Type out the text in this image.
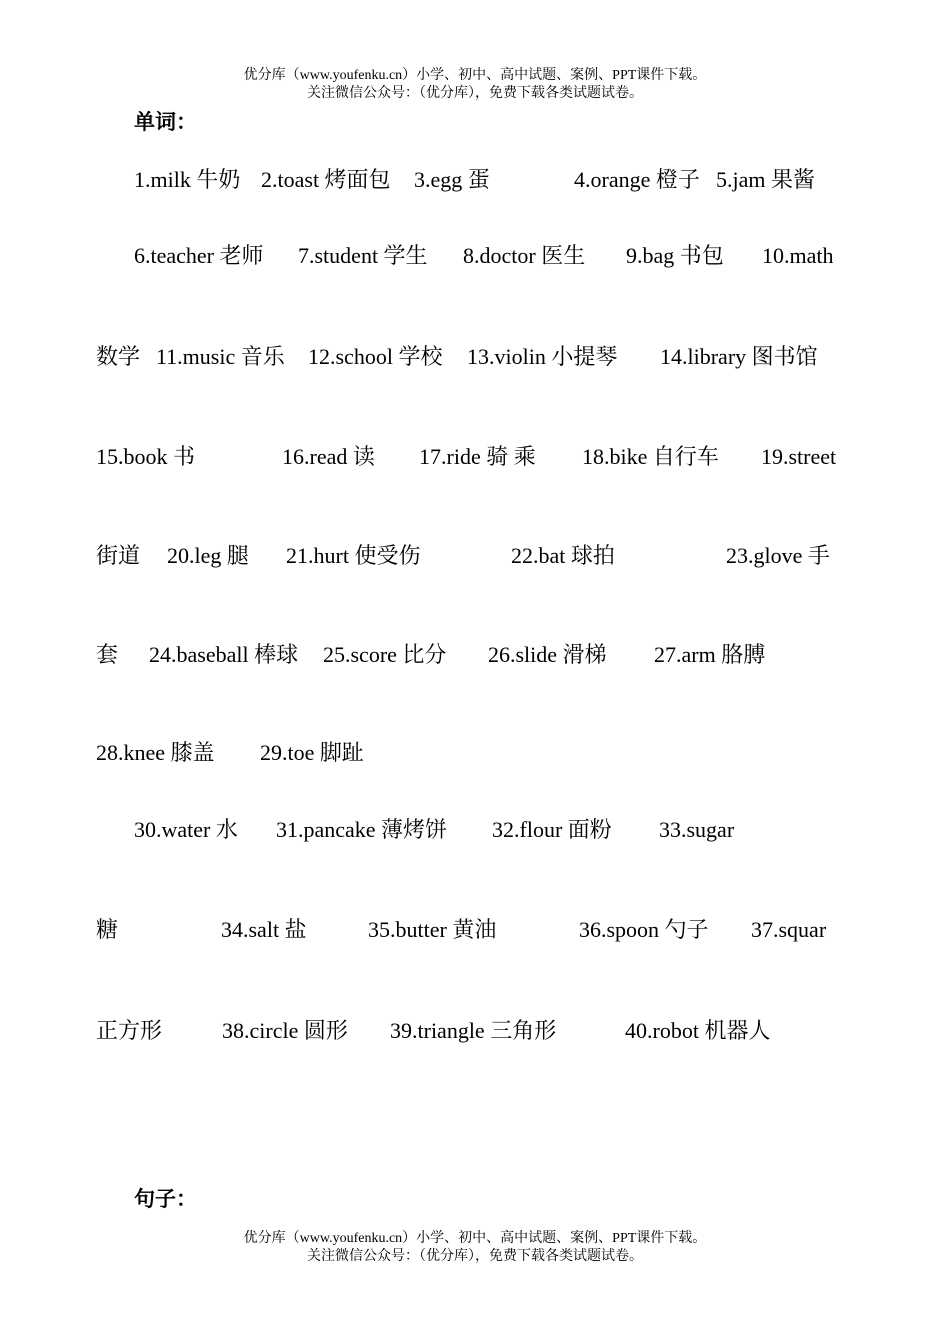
优分库（www.youfenku.cn）小学、初中、高中试题、案例、PPT课件下载。
关注微信公众号：（优分库），免费下载各类试题试卷。
单词：
1.milk 牛奶 2.toast 烤面包 3.egg 蛋	4.orange 橙子 5.jam 果酱
6.teacher 老师 7.student 学生 8.doctor 医生 9.bag 书包 10.math
数学 11.music 音乐 12.school 学校 13.violin 小提琴 14.library 图书馆
15.book 书	16.read 读 17.ride 骑 乘 18.bike 自行车 19.street
街道 20.leg 腿 21.hurt 使受伤	22.bat 球拍	23.glove 手
套 24.baseball 棒球 25.score 比分 26.slide 滑梯 27.arm 胳膊
28.knee 膝盖 29.toe 脚趾
30.water 水 31.pancake 薄烤饼 32.flour 面粉 33.sugar
糖	34.salt 盐	35.butter 黄油	36.spoon 勺子 37.squar
正方形	38.circle 圆形 39.triangle 三角形	40.robot 机器人
句子：
优分库（www.youfenku.cn）小学、初中、高中试题、案例、PPT课件下载。
关注微信公众号：（优分库），免费下载各类试题试卷。
